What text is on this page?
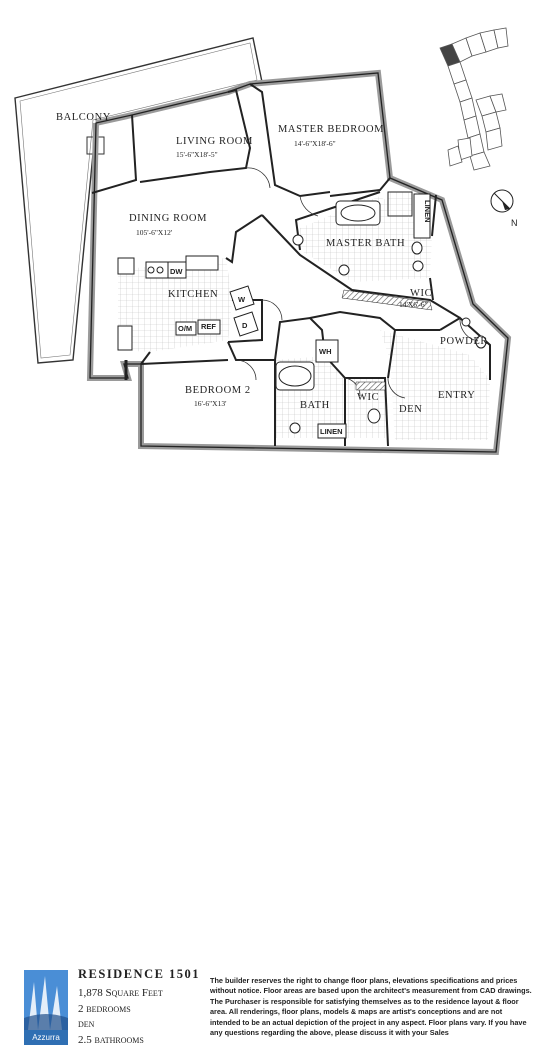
BALCONY
LIVING ROOM
15'-6"X18'-5"
MASTER BEDROOM
14'-6"X18'-6"
DINING ROOM
105'-6"X12'
MASTER BATH
KITCHEN	WIC
14'X6'-6"
POWDER
BEDROOM 2
16'-6"X13'	BATH
WIC
DEN
ENTRY
DW
O/M REF
W
D
WH
LINEN
LINEN
N
Azzurra
RESIDENCE 1501
1,878 Square Feet
2 bedrooms
den
2.5 bathrooms

The builder reserves the right to change floor plans, elevations specifications and prices without notice. Floor areas are based upon the architect's measurement from CAD drawings. The Purchaser is responsible for satisfying themselves as to the residence layout & floor area. All renderings, floor plans, models & maps are artist's conceptions and are not intended to be an actual depiction of the project in any aspect. Floor plans vary. If you have any questions regarding the above, please discuss it with your Sales
